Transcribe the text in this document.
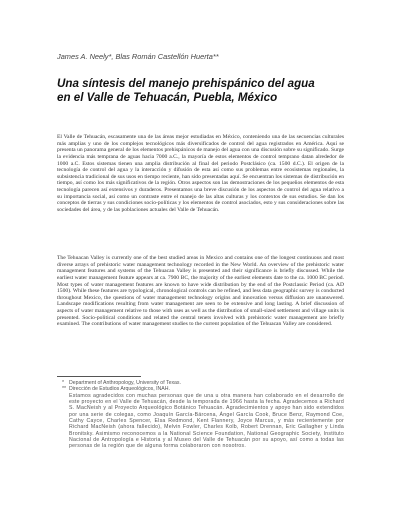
James A. Neely*, Blas Román Castellón Huerta**
Una síntesis del manejo prehispánico del agua
en el Valle de Tehuacán, Puebla, México

El Valle de Tehuacán, escasamente una de las áreas mejor estudiadas en México, conteniendo una de las secuencias culturales más amplias y uno de los complejos tecnológicos más diversificados de control del agua registrados en América. Aquí se presenta un panorama general de los elementos prehispánicos de manejo del agua con una discusión sobre su significado. Surge la evidencia más temprana de aguas hacia 7000 a.C., la mayoría de estos elementos de control temprano datan alrededor de 1000 a.C. Estos sistemas tienen una amplia distribución al final del periodo Postclásico (ca. 1500 d.C.). El origen de la tecnología de control del agua y la interacción y difusión de esta así como sus problemas entre ecosistemas regionales, la subsistencia tradicional de sus usos en tiempo reciente, han sido presentadas aquí. Se encuentran los sistemas de distribución en tiempo, así como los más significativos de la región. Otros aspectos son las demostraciones de los pequeños elementos de esta tecnología parecen así extensivos y duraderos. Presentamos una breve discusión de los aspectos de control del agua relativo a su importancia social, así como un contraste entre el manejo de las altas culturas y los contextos de sus estudios. Se dan los conceptos de tierras y sus condiciones socio-políticas y los elementos de control asociados, esto y sus consideraciones sobre las sociedades del área, y de las poblaciones actuales del Valle de Tehuacán.

The Tehuacan Valley is currently one of the best studied areas in Mexico and contains one of the longest continuous and most diverse arrays of prehistoric water management technology recorded in the New World. An overview of the prehistoric water management features and systems of the Tehuacan Valley is presented and their significance is briefly discussed. While the earliest water management feature appears at ca. 7900 BC, the majority of the earliest elements date to the ca. 1000 BC period. Most types of water management features are known to have wide distribution by the end of the Postclassic Period (ca. AD 1500). While these features are typological, chronological controls can be refined, and less data geographic survey is conducted throughout Mexico, the questions of water management technology origins and innovation versus diffusion are unanswered. Landscape modifications resulting from water management are seen to be extensive and long lasting. A brief discussion of aspects of water management relative to those with uses as well as the distribution of small-sized settlement and village units is presented. Socio-political conditions and related the central tenets involved with prehistoric water management are briefly examined. The contributions of water management studies to the current population of the Tehuacan Valley are considered.

* Department of Anthropology, University of Texas.

** Dirección de Estudios Arqueológicos, INAH.

Estamos agradecidos con muchas personas que de una u otra manera han colaborado en el desarrollo de este proyecto en el Valle de Tehuacán, desde la temporada de 1966 hasta la fecha. Agradecemos a Richard S. MacNeish y al Proyecto Arqueológico Botánico Tehuacán. Agradecimientos y apoyo han sido extendidos por una serie de colegas, como Joaquín García-Bárcena, Ángel García Cook, Bruce Benz, Raymond Coe, Cathy Cayce, Charles Spencer, Elsa Redmond, Kent Flannery, Joyce Marcus, y más recientemente por Richard MacNeish (ahora fallecido), Melvin Fowler, Charles Kolb, Robert Drennan, Eric Gallagher y Linda Bronitsky. Asimismo reconocemos a la National Science Foundation, National Geographic Society, Instituto Nacional de Antropología e Historia y al Museo del Valle de Tehuacán por su apoyo, así como a todas las personas de la región que de alguna forma colaboraron con nosotros.
